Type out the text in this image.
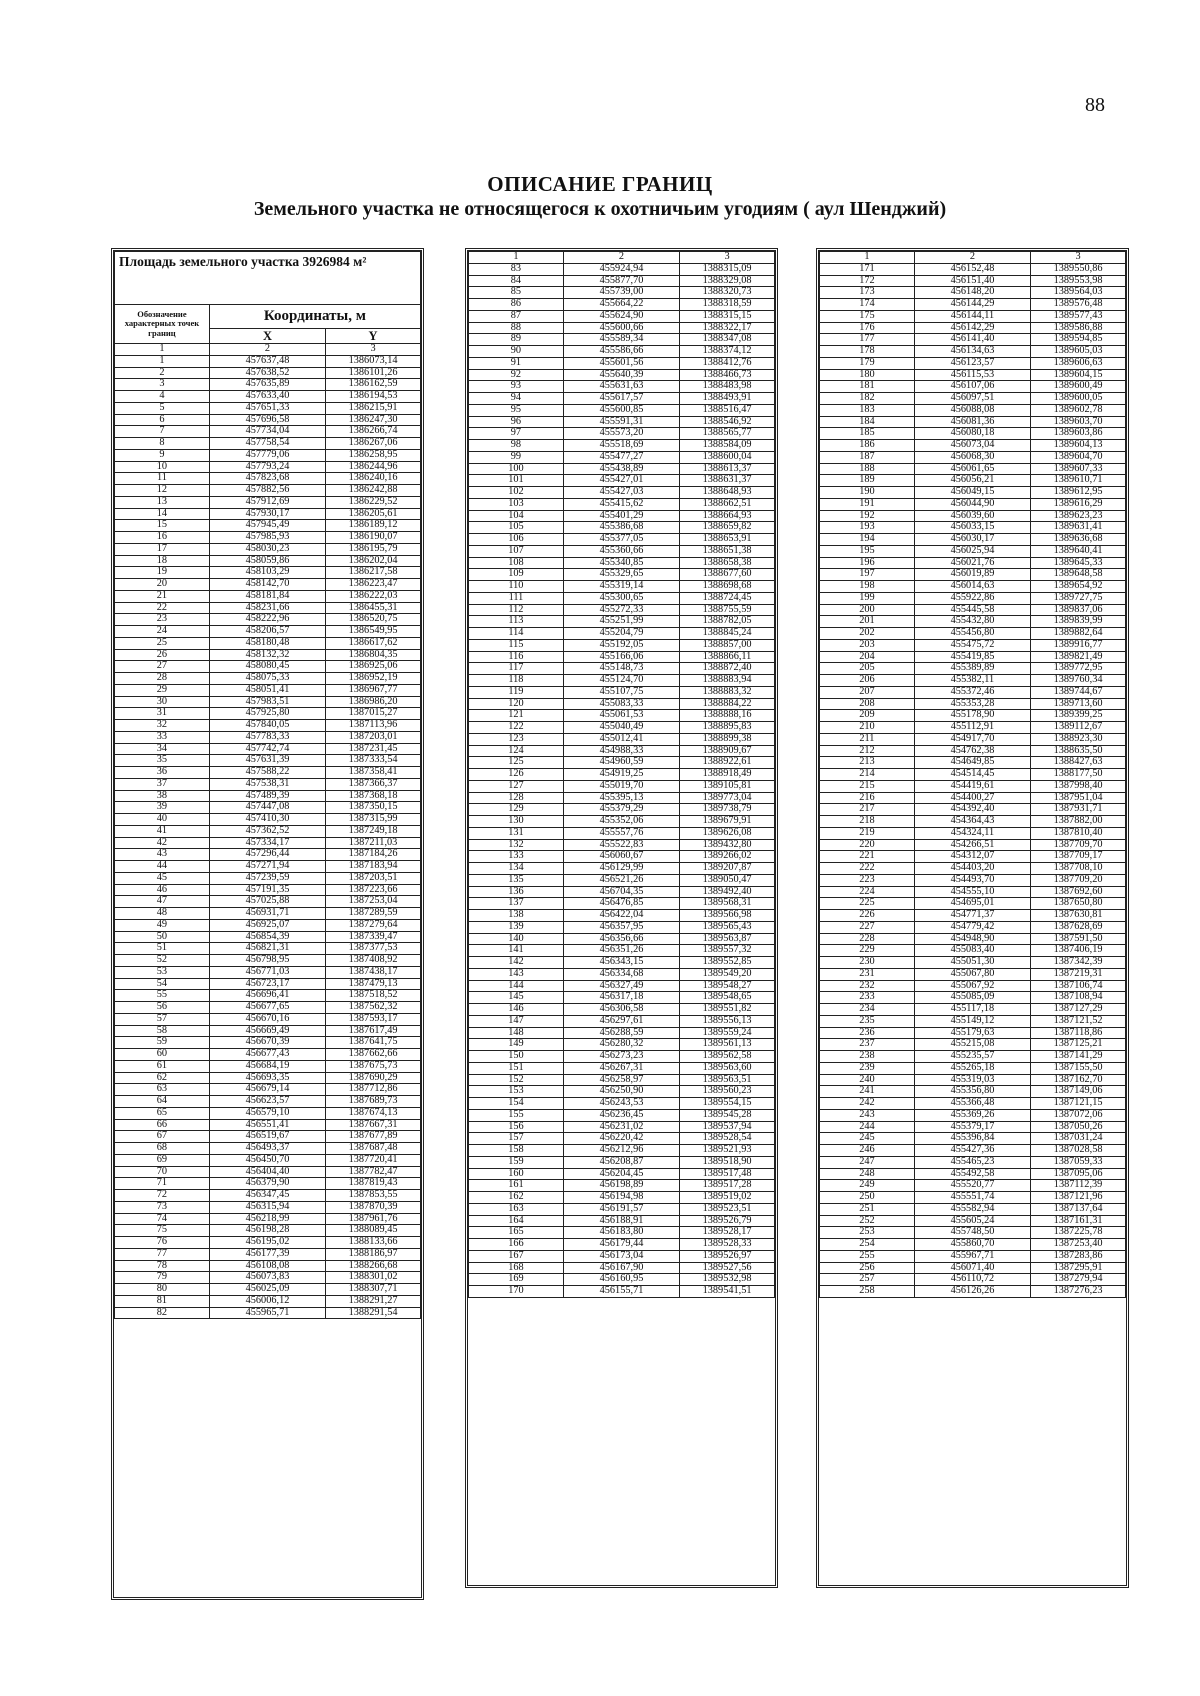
88
ОПИСАНИЕ ГРАНИЦ
Земельного участка не относящегося к охотничьим угодиям ( аул Шенджий)
Площадь земельного участка 3926984 м²		
Обозначение характерных точек границ	Координаты, м	
	X	Y
1	2	3
1	457637,48	1386073,14
2	457638,52	1386101,26
3	457635,89	1386162,59
4	457633,40	1386194,53
5	457651,33	1386215,91
6	457696,58	1386247,30
7	457734,04	1386266,74
8	457758,54	1386267,06
9	457779,06	1386258,95
10	457793,24	1386244,96
11	457823,68	1386240,16
12	457882,56	1386242,88
13	457912,69	1386229,52
14	457930,17	1386205,61
15	457945,49	1386189,12
16	457985,93	1386190,07
17	458030,23	1386195,79
18	458059,86	1386202,04
19	458103,29	1386217,58
20	458142,70	1386223,47
21	458181,84	1386222,03
22	458231,66	1386455,31
23	458222,96	1386520,75
24	458206,57	1386549,95
25	458180,48	1386617,62
26	458132,32	1386804,35
27	458080,45	1386925,06
28	458075,33	1386952,19
29	458051,41	1386967,77
30	457983,51	1386986,20
31	457925,80	1387015,27
32	457840,05	1387113,96
33	457783,33	1387203,01
34	457742,74	1387231,45
35	457631,39	1387333,54
36	457588,22	1387358,41
37	457538,31	1387366,37
38	457489,39	1387368,18
39	457447,08	1387350,15
40	457410,30	1387315,99
41	457362,52	1387249,18
42	457334,17	1387211,03
43	457296,44	1387184,26
44	457271,94	1387183,94
45	457239,59	1387203,51
46	457191,35	1387223,66
47	457025,88	1387253,04
48	456931,71	1387289,59
49	456925,07	1387279,64
50	456854,39	1387339,47
51	456821,31	1387377,53
52	456798,95	1387408,92
53	456771,03	1387438,17
54	456723,17	1387479,13
55	456696,41	1387518,52
56	456677,65	1387562,32
57	456670,16	1387593,17
58	456669,49	1387617,49
59	456670,39	1387641,75
60	456677,43	1387662,66
61	456684,19	1387675,73
62	456693,35	1387690,29
63	456679,14	1387712,86
64	456623,57	1387689,73
65	456579,10	1387674,13
66	456551,41	1387667,31
67	456519,67	1387677,89
68	456493,37	1387687,48
69	456450,70	1387720,41
70	456404,40	1387782,47
71	456379,90	1387819,43
72	456347,45	1387853,55
73	456315,94	1387870,39
74	456218,99	1387961,76
75	456198,28	1388089,45
76	456195,02	1388133,66
77	456177,39	1388186,97
78	456108,08	1388266,68
79	456073,83	1388301,02
80	456025,09	1388307,71
81	456006,12	1388291,27
82	455965,71	1388291,54
1	2	3
83	455924,94	1388315,09
84	455877,70	1388329,08
85	455739,00	1388320,73
86	455664,22	1388318,59
87	455624,90	1388315,15
88	455600,66	1388322,17
89	455589,34	1388347,08
90	455586,66	1388374,12
91	455601,56	1388412,76
92	455640,39	1388466,73
93	455631,63	1388483,98
94	455617,57	1388493,91
95	455600,85	1388516,47
96	455591,31	1388546,92
97	455573,20	1388565,77
98	455518,69	1388584,09
99	455477,27	1388600,04
100	455438,89	1388613,37
101	455427,01	1388631,37
102	455427,03	1388648,93
103	455415,62	1388662,51
104	455401,29	1388664,93
105	455386,68	1388659,82
106	455377,05	1388653,91
107	455360,66	1388651,38
108	455340,85	1388658,38
109	455329,65	1388677,60
110	455319,14	1388698,68
111	455300,65	1388724,45
112	455272,33	1388755,59
113	455251,99	1388782,05
114	455204,79	1388845,24
115	455192,05	1388857,00
116	455166,06	1388866,11
117	455148,73	1388872,40
118	455124,70	1388883,94
119	455107,75	1388883,32
120	455083,33	1388884,22
121	455061,53	1388888,16
122	455040,49	1388895,83
123	455012,41	1388899,38
124	454988,33	1388909,67
125	454960,59	1388922,61
126	454919,25	1388918,49
127	455019,70	1389105,81
128	455395,13	1389773,04
129	455379,29	1389738,79
130	455352,06	1389679,91
131	455557,76	1389626,08
132	455522,83	1389432,80
133	456060,67	1389266,02
134	456129,99	1389207,87
135	456521,26	1389050,47
136	456704,35	1389492,40
137	456476,85	1389568,31
138	456422,04	1389566,98
139	456357,95	1389565,43
140	456356,66	1389563,87
141	456351,26	1389557,32
142	456343,15	1389552,85
143	456334,68	1389549,20
144	456327,49	1389548,27
145	456317,18	1389548,65
146	456306,58	1389551,82
147	456297,61	1389556,13
148	456288,59	1389559,24
149	456280,32	1389561,13
150	456273,23	1389562,58
151	456267,31	1389563,60
152	456258,97	1389563,51
153	456250,90	1389560,23
154	456243,53	1389554,15
155	456236,45	1389545,28
156	456231,02	1389537,94
157	456220,42	1389528,54
158	456212,96	1389521,93
159	456208,87	1389518,90
160	456204,45	1389517,48
161	456198,89	1389517,28
162	456194,98	1389519,02
163	456191,57	1389523,51
164	456188,91	1389526,79
165	456183,80	1389528,17
166	456179,44	1389528,33
167	456173,04	1389526,97
168	456167,90	1389527,56
169	456160,95	1389532,98
170	456155,71	1389541,51
1	2	3
171	456152,48	1389550,86
172	456151,40	1389553,98
173	456148,20	1389564,03
174	456144,29	1389576,48
175	456144,11	1389577,43
176	456142,29	1389586,88
177	456141,40	1389594,85
178	456134,63	1389605,03
179	456123,57	1389606,63
180	456115,53	1389604,15
181	456107,06	1389600,49
182	456097,51	1389600,05
183	456088,08	1389602,78
184	456081,36	1389603,70
185	456080,18	1389603,86
186	456073,04	1389604,13
187	456068,30	1389604,70
188	456061,65	1389607,33
189	456056,21	1389610,71
190	456049,15	1389612,95
191	456044,90	1389616,29
192	456039,60	1389623,23
193	456033,15	1389631,41
194	456030,17	1389636,68
195	456025,94	1389640,41
196	456021,76	1389645,33
197	456019,89	1389648,58
198	456014,63	1389654,92
199	455922,86	1389727,75
200	455445,58	1389837,06
201	455432,80	1389839,99
202	455456,80	1389882,64
203	455475,72	1389916,77
204	455419,85	1389821,49
205	455389,89	1389772,95
206	455382,11	1389760,34
207	455372,46	1389744,67
208	455353,28	1389713,60
209	455178,90	1389399,25
210	455112,91	1389112,67
211	454917,70	1388923,30
212	454762,38	1388635,50
213	454649,85	1388427,63
214	454514,45	1388177,50
215	454419,61	1387998,40
216	454400,27	1387951,04
217	454392,40	1387931,71
218	454364,43	1387882,00
219	454324,11	1387810,40
220	454266,51	1387709,70
221	454312,07	1387709,17
222	454403,20	1387708,10
223	454493,70	1387709,20
224	454555,10	1387692,60
225	454695,01	1387650,80
226	454771,37	1387630,81
227	454779,42	1387628,69
228	454948,90	1387591,50
229	455083,40	1387406,19
230	455051,30	1387342,39
231	455067,80	1387219,31
232	455067,92	1387106,74
233	455085,09	1387108,94
234	455117,18	1387127,29
235	455149,12	1387121,52
236	455179,63	1387118,86
237	455215,08	1387125,21
238	455235,57	1387141,29
239	455265,18	1387155,50
240	455319,03	1387162,70
241	455356,80	1387149,06
242	455366,48	1387121,15
243	455369,26	1387072,06
244	455379,17	1387050,26
245	455396,84	1387031,24
246	455427,36	1387028,58
247	455465,23	1387059,33
248	455492,58	1387095,06
249	455520,77	1387112,39
250	455551,74	1387121,96
251	455582,94	1387137,64
252	455605,24	1387161,31
253	455748,50	1387225,78
254	455860,70	1387253,40
255	455967,71	1387283,86
256	456071,40	1387295,91
257	456110,72	1387279,94
258	456126,26	1387276,23
